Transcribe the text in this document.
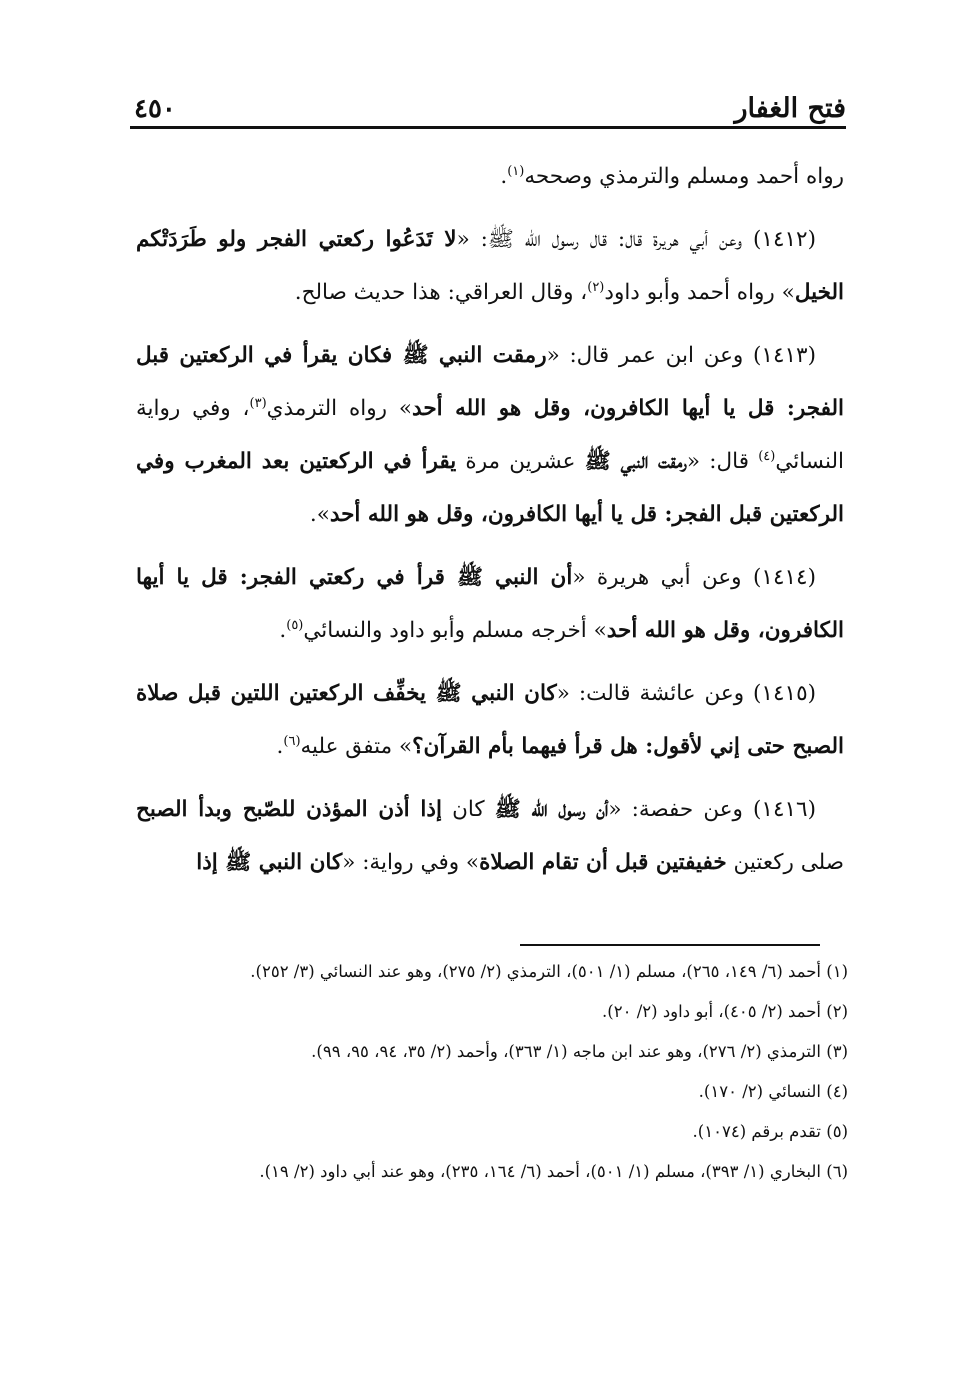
فتح الغفار
٤٥٠

رواه أحمد ومسلم والترمذي وصححه$^{(١)}$.

(١٤١٢) وعن أبي هريرة قال: قال رسول الله ﷺ: «لا تَدَعُوا ركعتي الفجر ولو طَرَدَتْكم الخيل» رواه أحمد وأبو داود$^{(٢)}$، وقال العراقي: هذا حديث صالح.

(١٤١٣) وعن ابن عمر قال: «رمقت النبي ﷺ فكان يقرأ في الركعتين قبل الفجر: قل يا أيها الكافرون، وقل هو الله أحد» رواه الترمذي$^{(٣)}$، وفي رواية النسائي$^{(٤)}$ قال: «رمقت النبي ﷺ عشرين مرة يقرأ في الركعتين بعد المغرب وفي الركعتين قبل الفجر: قل يا أيها الكافرون، وقل هو الله أحد».

(١٤١٤) وعن أبي هريرة «أن النبي ﷺ قرأ في ركعتي الفجر: قل يا أيها الكافرون، وقل هو الله أحد» أخرجه مسلم وأبو داود والنسائي$^{(٥)}$.

(١٤١٥) وعن عائشة قالت: «كان النبي ﷺ يخفِّف الركعتين اللتين قبل صلاة الصبح حتى إني لأقول: هل قرأ فيهما بأم القرآن؟» متفق عليه$^{(٦)}$.

(١٤١٦) وعن حفصة: «أن رسول الله ﷺ كان إذا أذن المؤذن للصّبح وبدأ الصبح صلى ركعتين خفيفتين قبل أن تقام الصلاة» وفي رواية: «كان النبي ﷺ إذا

(١) أحمد (٦/ ١٤٩، ٢٦٥)، مسلم (١/ ٥٠١)، الترمذي (٢/ ٢٧٥)، وهو عند النسائي (٣/ ٢٥٢).

(٢) أحمد (٢/ ٤٠٥)، أبو داود (٢/ ٢٠).

(٣) الترمذي (٢/ ٢٧٦)، وهو عند ابن ماجه (١/ ٣٦٣)، وأحمد (٢/ ٣٥، ٩٤، ٩٥، ٩٩).

(٤) النسائي (٢/ ١٧٠).

(٥) تقدم برقم (١٠٧٤).

(٦) البخاري (١/ ٣٩٣)، مسلم (١/ ٥٠١)، أحمد (٦/ ١٦٤، ٢٣٥)، وهو عند أبي داود (٢/ ١٩).
